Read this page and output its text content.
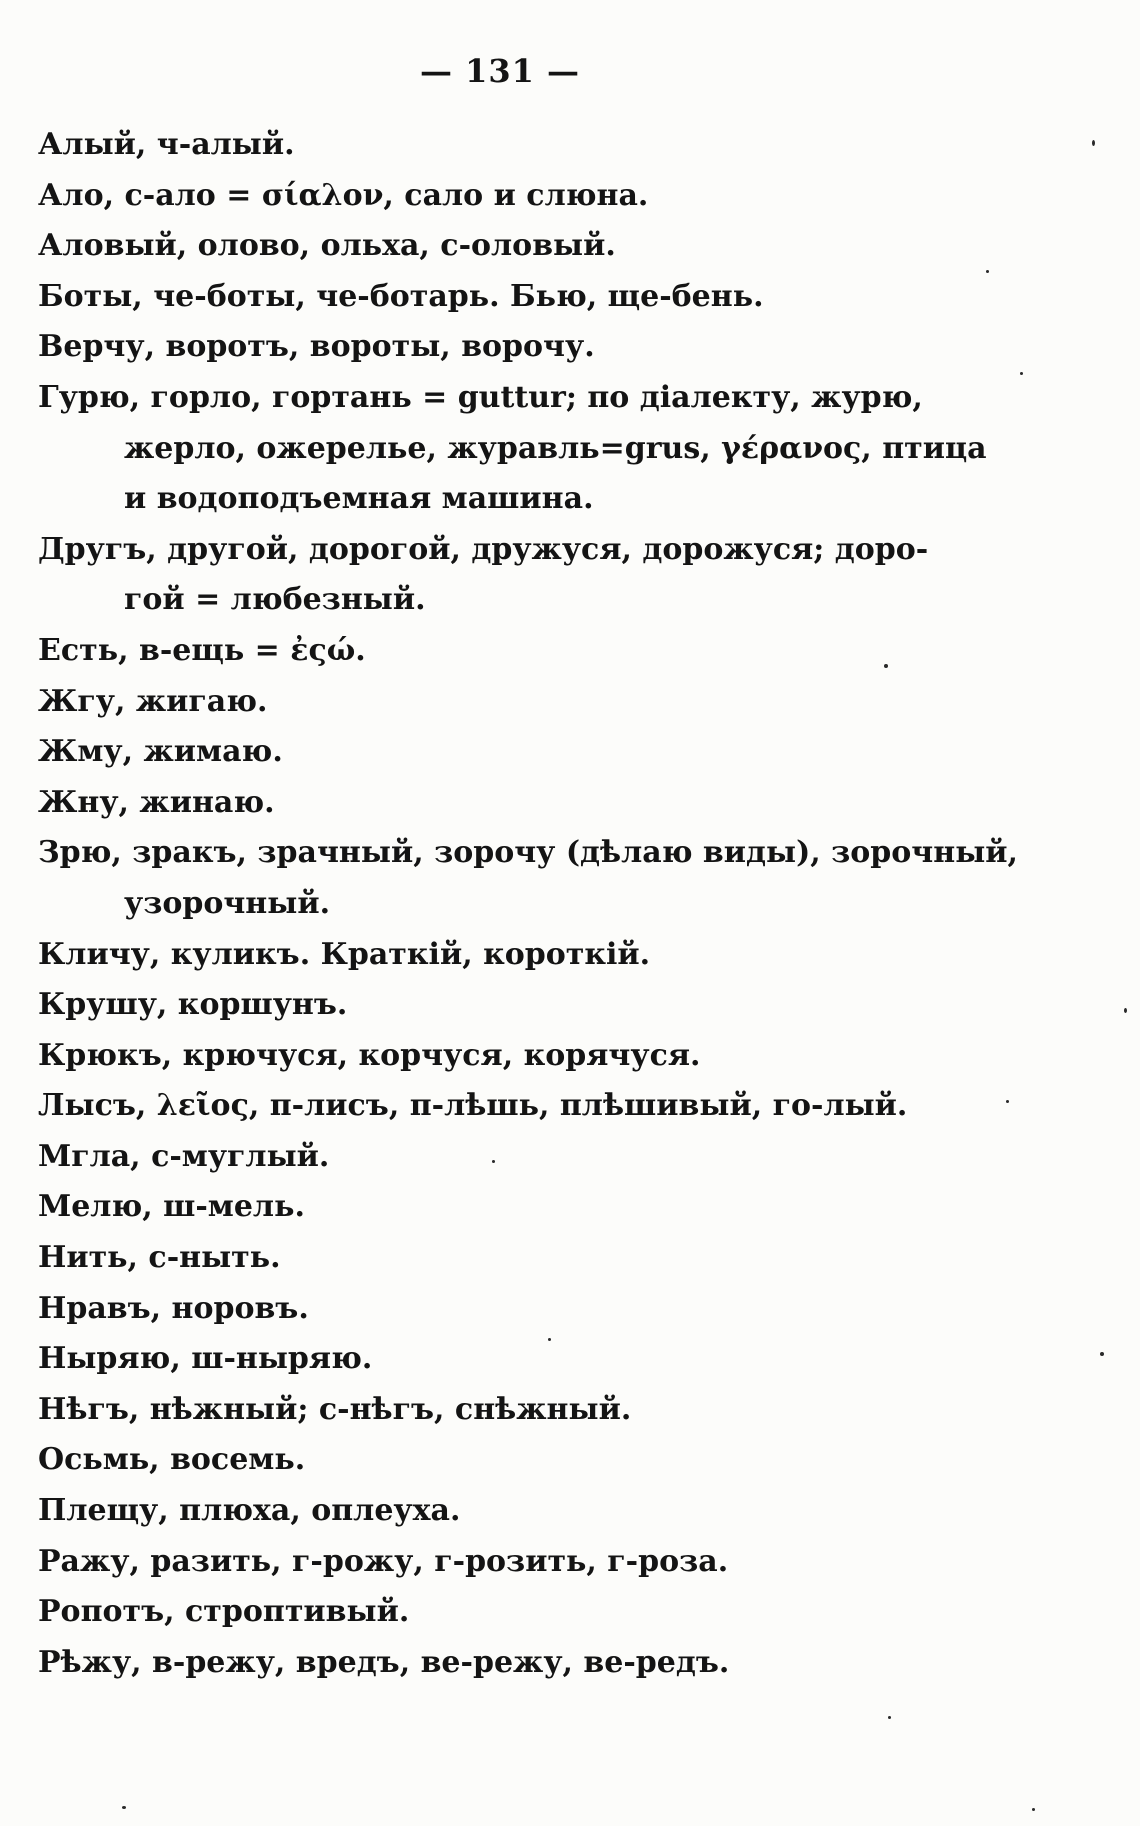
— 131 —
Алый, ч-алый.
Ало, с-ало = σίαλον, сало и слюна.
Аловый, олово, ольха, с-оловый.
Боты, че-боты, че-ботарь. Бью, ще-бень.
Верчу, воротъ, вороты, ворочу.
Гурю, горло, гортань = guttur; по діалекту, журю,
жерло, ожерелье, журавль=grus, γέρανος, птица
и водоподъемная машина.
Другъ, другой, дорогой, дружуся, дорожуся; доро-
гой = любезный.
Есть, в-ещь = ἐςώ.
Жгу, жигаю.
Жму, жимаю.
Жну, жинаю.
Зрю, зракъ, зрачный, зорочу (дѣлаю виды), зорочный,
узорочный.
Кличу, куликъ. Краткій, короткій.
Крушу, коршунъ.
Крюкъ, крючуся, корчуся, корячуся.
Лысъ, λεῖος, п-лисъ, п-лѣшь, плѣшивый, го-лый.
Мгла, с-муглый.
Мелю, ш-мель.
Нить, с-ныть.
Нравъ, норовъ.
Ныряю, ш-ныряю.
Нѣгъ, нѣжный; с-нѣгъ, снѣжный.
Осьмь, восемь.
Плещу, плюха, оплеуха.
Ражу, разить, г-рожу, г-розить, г-роза.
Ропотъ, строптивый.
Рѣжу, в-режу, вредъ, ве-режу, ве-редъ.
